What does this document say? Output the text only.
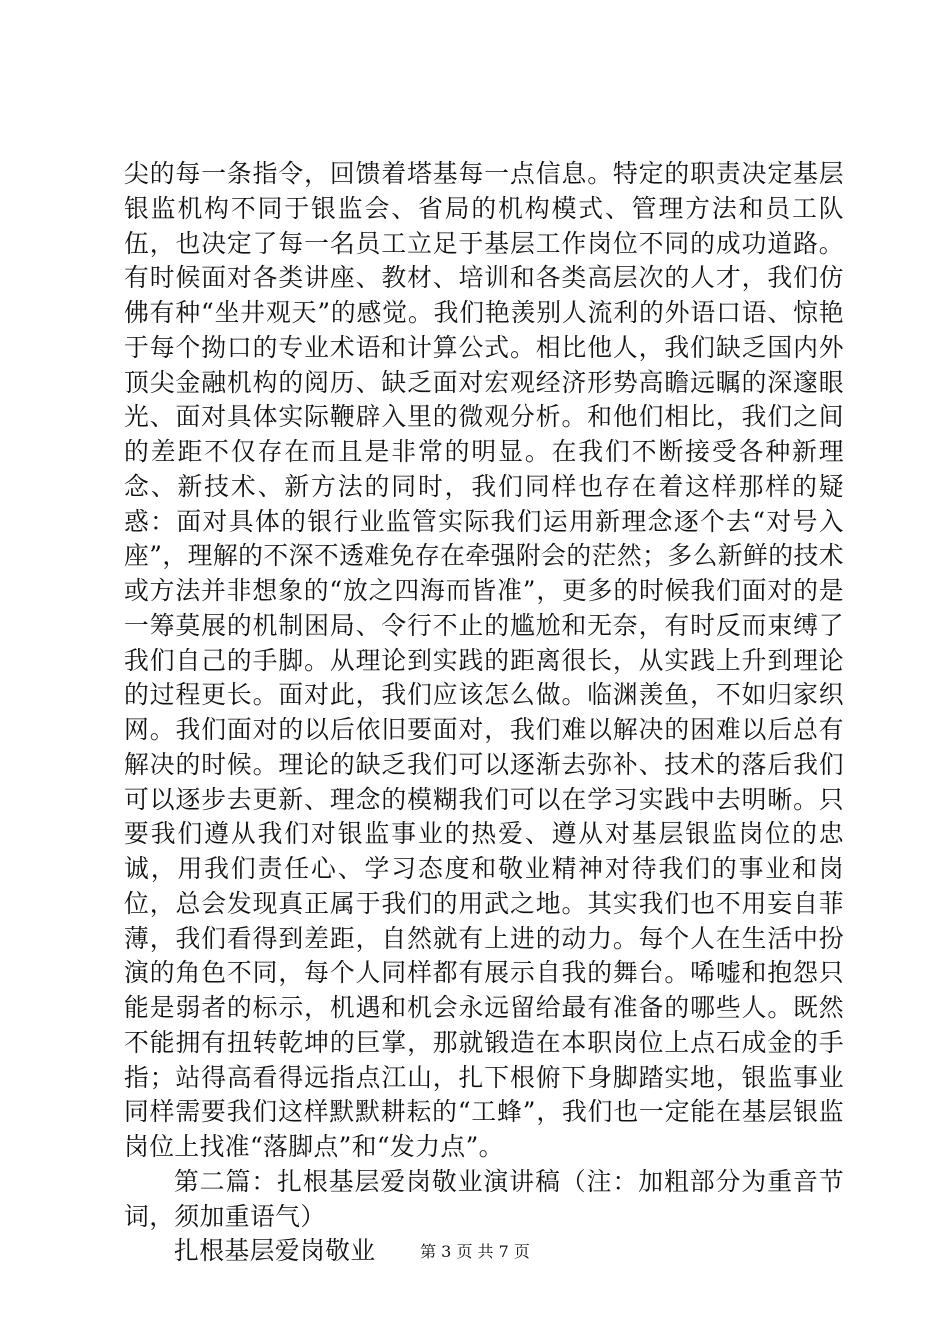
尖的每一条指令，回馈着塔基每一点信息。特定的职责决定基层银监机构不同于银监会、省局的机构模式、管理方法和员工队伍，也决定了每一名员工立足于基层工作岗位不同的成功道路。有时候面对各类讲座、教材、培训和各类高层次的人才，我们仿佛有种“坐井观天”的感觉。我们艳羡别人流利的外语口语、惊艳于每个拗口的专业术语和计算公式。相比他人，我们缺乏国内外顶尖金融机构的阅历、缺乏面对宏观经济形势高瞻远瞩的深邃眼光、面对具体实际鞭辟入里的微观分析。和他们相比，我们之间的差距不仅存在而且是非常的明显。在我们不断接受各种新理念、新技术、新方法的同时，我们同样也存在着这样那样的疑惑：面对具体的银行业监管实际我们运用新理念逐个去“对号入座”，理解的不深不透难免存在牵强附会的茫然；多么新鲜的技术或方法并非想象的“放之四海而皆准”，更多的时候我们面对的是一筹莫展的机制困局、令行不止的尴尬和无奈，有时反而束缚了我们自己的手脚。从理论到实践的距离很长，从实践上升到理论的过程更长。面对此，我们应该怎么做。临渊羡鱼，不如归家织网。我们面对的以后依旧要面对，我们难以解决的困难以后总有解决的时候。理论的缺乏我们可以逐渐去弥补、技术的落后我们可以逐步去更新、理念的模糊我们可以在学习实践中去明晰。只要我们遵从我们对银监事业的热爱、遵从对基层银监岗位的忠诚，用我们责任心、学习态度和敬业精神对待我们的事业和岗位，总会发现真正属于我们的用武之地。其实我们也不用妄自菲薄，我们看得到差距，自然就有上进的动力。每个人在生活中扮演的角色不同，每个人同样都有展示自我的舞台。唏嘘和抱怨只能是弱者的标示，机遇和机会永远留给最有准备的哪些人。既然不能拥有扭转乾坤的巨掌，那就锻造在本职岗位上点石成金的手指；站得高看得远指点江山，扎下根俯下身脚踏实地，银监事业同样需要我们这样默默耕耘的“工蜂”，我们也一定能在基层银监岗位上找准“落脚点”和“发力点”。

第二篇：扎根基层爱岗敬业演讲稿（注：加粗部分为重音节词，须加重语气）

扎根基层爱岗敬业	第 3 页 共 7 页
